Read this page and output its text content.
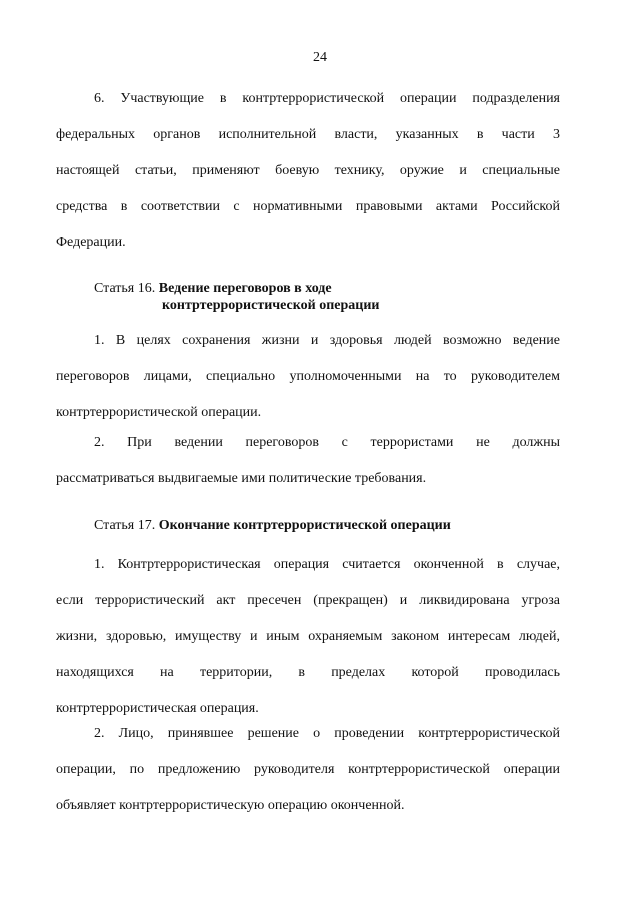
24
6. Участвующие в контртеррористической операции подразделения
федеральных органов исполнительной власти, указанных в части 3
настоящей статьи, применяют боевую технику, оружие и специальные
средства в соответствии с нормативными правовыми актами Российской
Федерации.
Статья 16. Ведение переговоров в ходе
контртеррористической операции
1. В целях сохранения жизни и здоровья людей возможно ведение
переговоров лицами, специально уполномоченными на то руководителем
контртеррористической операции.
2. При ведении переговоров с террористами не должны
рассматриваться выдвигаемые ими политические требования.
Статья 17. Окончание контртеррористической операции
1. Контртеррористическая операция считается оконченной в случае,
если террористический акт пресечен (прекращен) и ликвидирована угроза
жизни, здоровью, имуществу и иным охраняемым законом интересам людей,
находящихся на территории, в пределах которой проводилась
контртеррористическая операция.
2. Лицо, принявшее решение о проведении контртеррористической
операции, по предложению руководителя контртеррористической операции
объявляет контртеррористическую операцию оконченной.
